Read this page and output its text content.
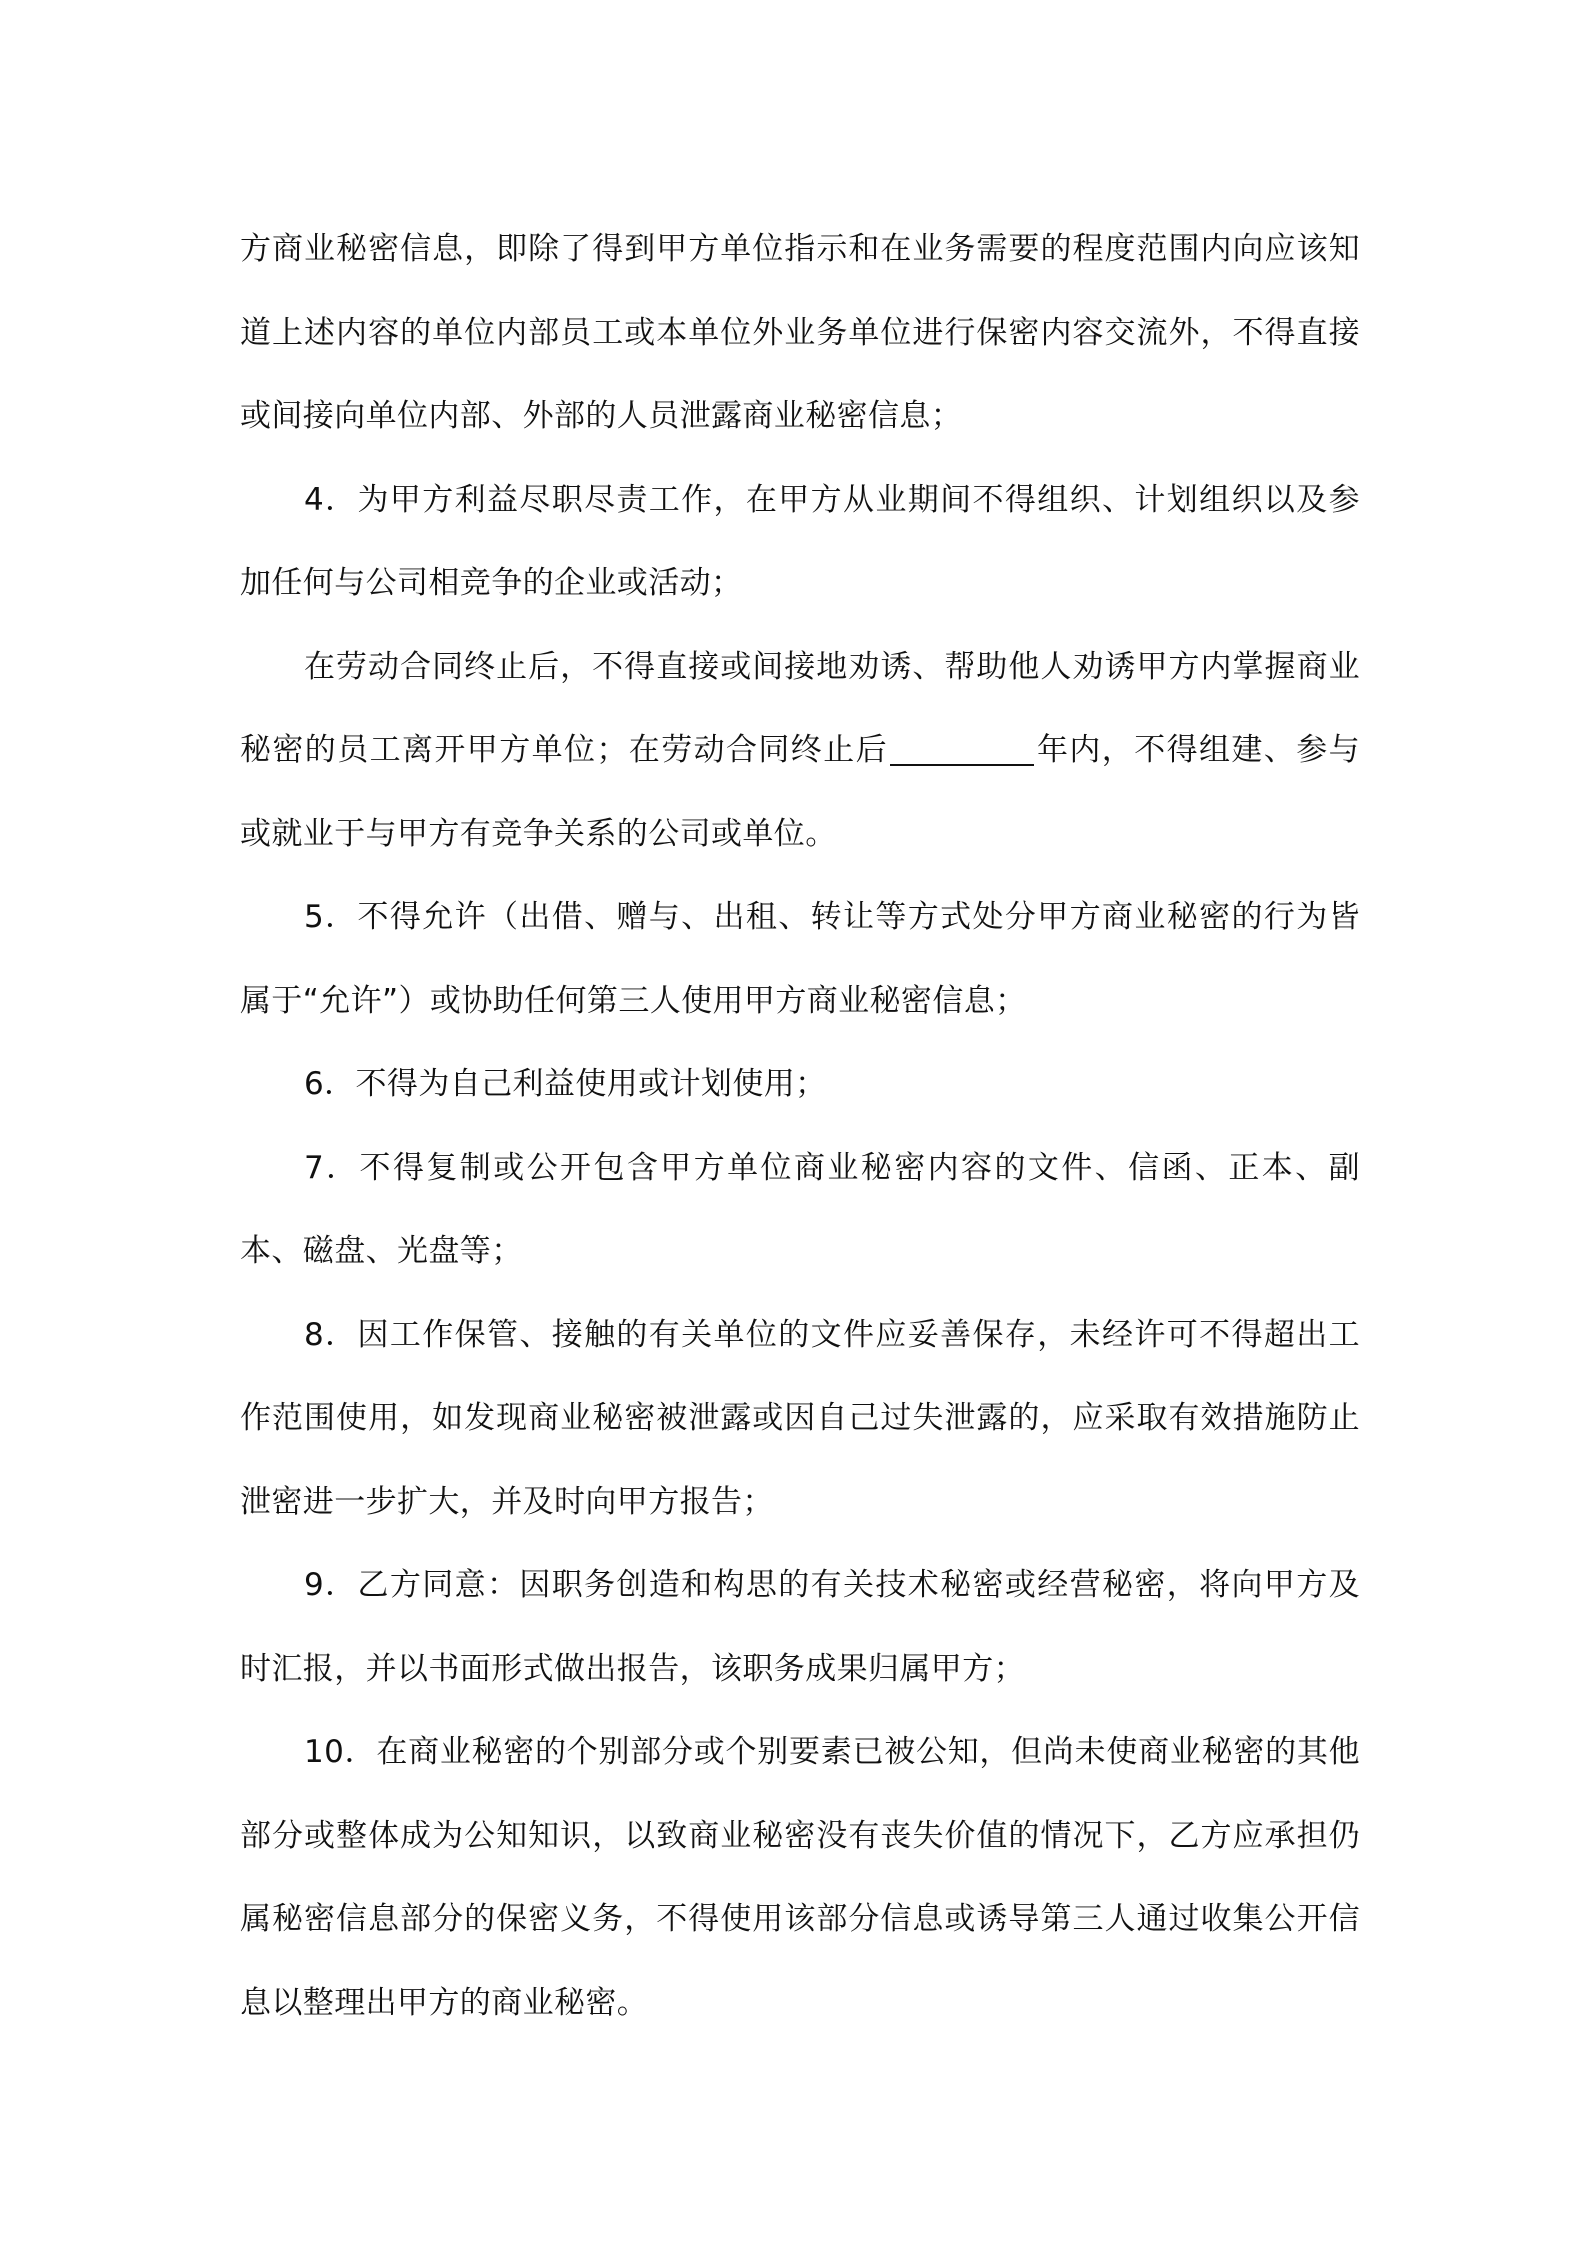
方商业秘密信息，即除了得到甲方单位指示和在业务需要的程度范围内向应该知道上述内容的单位内部员工或本单位外业务单位进行保密内容交流外，不得直接或间接向单位内部、外部的人员泄露商业秘密信息；

4．为甲方利益尽职尽责工作，在甲方从业期间不得组织、计划组织以及参加任何与公司相竞争的企业或活动；

在劳动合同终止后，不得直接或间接地劝诱、帮助他人劝诱甲方内掌握商业秘密的员工离开甲方单位；在劳动合同终止后	年内，不得组建、参与或就业于与甲方有竞争关系的公司或单位。

5．不得允许（出借、赠与、出租、转让等方式处分甲方商业秘密的行为皆属于“允许”）或协助任何第三人使用甲方商业秘密信息；

6．不得为自己利益使用或计划使用；

7．不得复制或公开包含甲方单位商业秘密内容的文件、信函、正本、副本、磁盘、光盘等；

8．因工作保管、接触的有关单位的文件应妥善保存，未经许可不得超出工作范围使用，如发现商业秘密被泄露或因自己过失泄露的，应采取有效措施防止泄密进一步扩大，并及时向甲方报告；

9．乙方同意：因职务创造和构思的有关技术秘密或经营秘密，将向甲方及时汇报，并以书面形式做出报告，该职务成果归属甲方；

10．在商业秘密的个别部分或个别要素已被公知，但尚未使商业秘密的其他部分或整体成为公知知识，以致商业秘密没有丧失价值的情况下，乙方应承担仍属秘密信息部分的保密义务，不得使用该部分信息或诱导第三人通过收集公开信息以整理出甲方的商业秘密。
